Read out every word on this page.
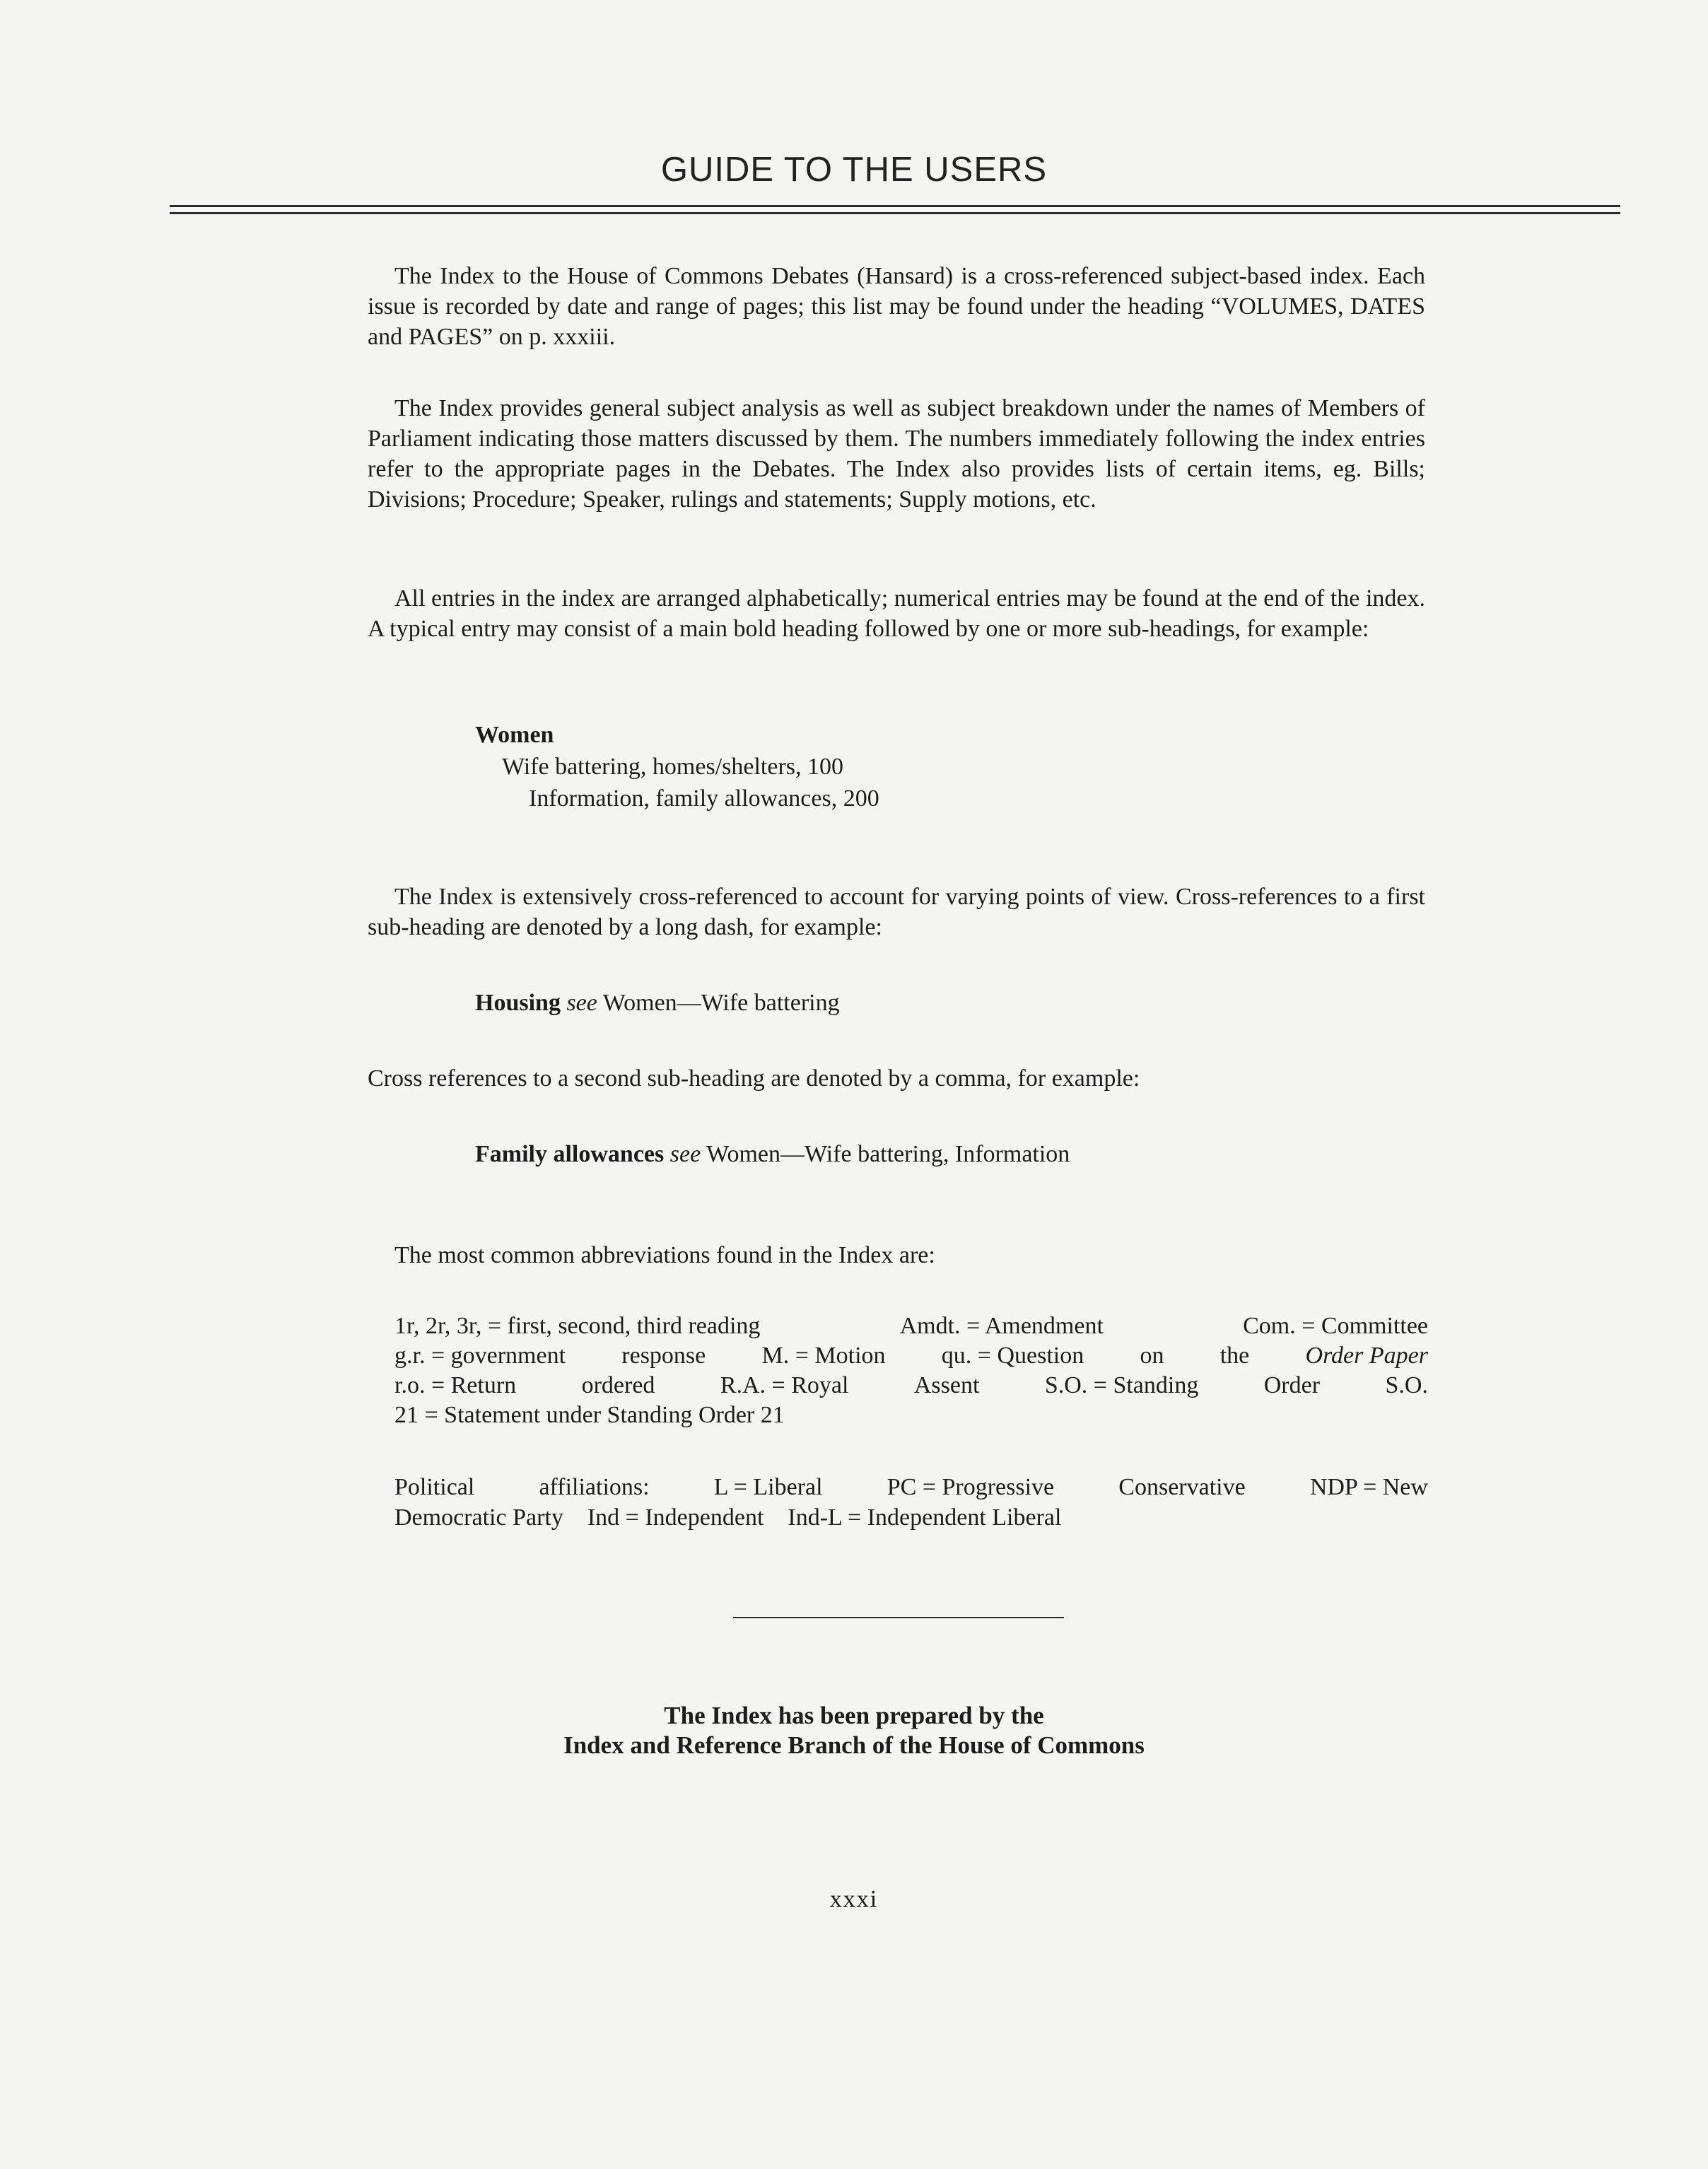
GUIDE TO THE USERS

The Index to the House of Commons Debates (Hansard) is a cross-referenced subject-based index. Each issue is recorded by date and range of pages; this list may be found under the heading “VOLUMES, DATES and PAGES” on p. xxxiii.

The Index provides general subject analysis as well as subject breakdown under the names of Members of Parliament indicating those matters discussed by them. The numbers immediately following the index entries refer to the appropriate pages in the Debates. The Index also provides lists of certain items, eg. Bills; Divisions; Procedure; Speaker, rulings and statements; Supply motions, etc.

All entries in the index are arranged alphabetically; numerical entries may be found at the end of the index. A typical entry may consist of a main bold heading followed by one or more sub-headings, for example:

Women
Wife battering, homes/shelters, 100
Information, family allowances, 200

The Index is extensively cross-referenced to account for varying points of view. Cross-references to a first sub-heading are denoted by a long dash, for example:

Housing see Women—Wife battering
Cross references to a second sub-heading are denoted by a comma, for example:
Family allowances see Women—Wife battering, Information
The most common abbreviations found in the Index are:
1r, 2r, 3r, = first, second, third reading	Amdt. = Amendment	Com. = Committee
g.r. = government response M. = Motion qu. = Question on the Order Paper
r.o. = Return	ordered	R.A. = Royal	Assent	S.O. = Standing	Order	S.O.
21 = Statement under Standing Order 21
Political	affiliations:	L = Liberal	PC = Progressive	Conservative	NDP = New
Democratic Party Ind = Independent Ind-L = Independent Liberal
The Index has been prepared by the
Index and Reference Branch of the House of Commons
xxxi
